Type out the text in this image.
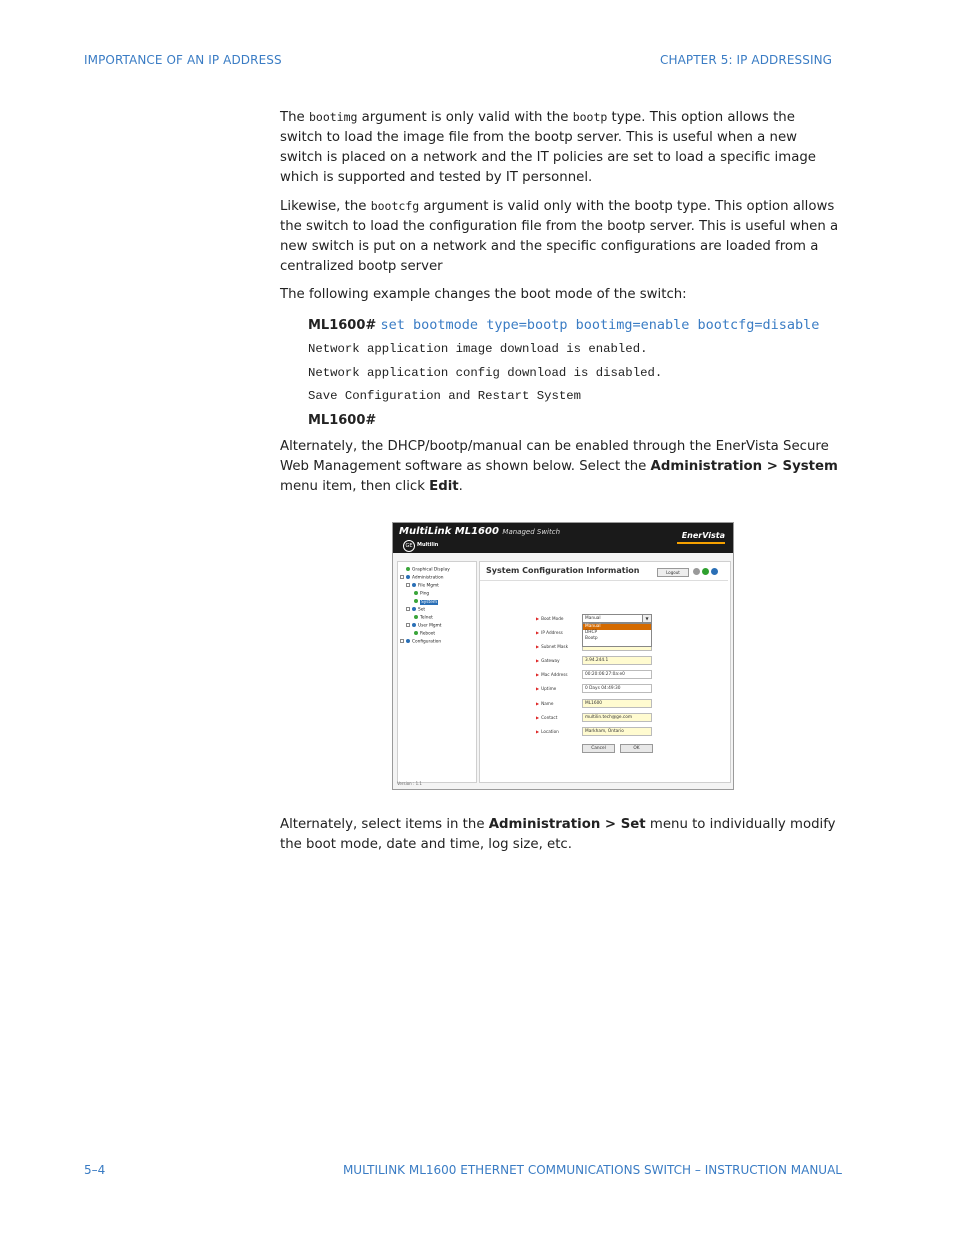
IMPORTANCE OF AN IP ADDRESS	CHAPTER 5: IP ADDRESSING

The bootimg argument is only valid with the bootp type. This option allows the switch to load the image file from the bootp server. This is useful when a new switch is placed on a network and the IT policies are set to load a specific image which is supported and tested by IT personnel.

Likewise, the bootcfg argument is valid only with the bootp type. This option allows the switch to load the configuration file from the bootp server. This is useful when a new switch is put on a network and the specific configurations are loaded from a centralized bootp server

The following example changes the boot mode of the switch:

ML1600# set bootmode type=bootp bootimg=enable bootcfg=disable
Network application image download is enabled.
Network application config download is disabled.
Save Configuration and Restart System
ML1600#

Alternately, the DHCP/bootp/manual can be enabled through the EnerVista Secure Web Management software as shown below. Select the Administration > System menu item, then click Edit.

MultiLink ML1600 Managed Switch
GE Multilin
EnerVista
Graphical Display
Administration
File Mgmt
Ping
System
Set
Telnet
User Mgmt
Reboot
Configuration
Version : 1.1
System Configuration Information	Logout
▶ Boot Mode	Manual	▼
Manual
DHCP
Bootp
▶ IP Address
▶ Subnet Mask
▶ Gateway	3.94.244.1
▶ Mac Address	00:20:06:27:0a:e0
▶ Uptime	0 Days 04:49:30
▶ Name	ML1600
▶ Contact	multilin.tech@ge.com
▶ Location	Markham, Ontario
Cancel	OK

Alternately, select items in the Administration > Set menu to individually modify the boot mode, date and time, log size, etc.

5–4	MULTILINK ML1600 ETHERNET COMMUNICATIONS SWITCH – INSTRUCTION MANUAL
